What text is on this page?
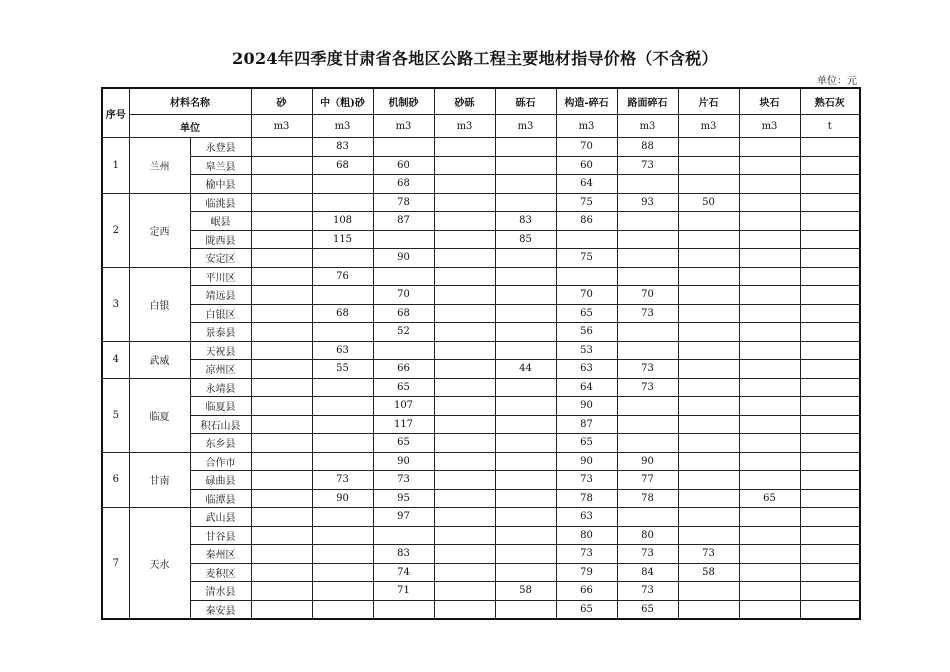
2024年四季度甘肃省各地区公路工程主要地材指导价格（不含税）
单位：元
序号	材料名称		砂	中（粗)砂	机制砂	砂砾	砾石	构造-碎石	路面碎石	片石	块石	熟石灰
	单位		m3	m3	m3	m3	m3	m3	m3	m3	m3	t
1	兰州	永登县		83				70	88			
		皋兰县		68	60			60	73			
		榆中县			68			64				
2	定西	临洮县			78			75	93	50		
		岷县		108	87		83	86				
		陇西县		115			85					
		安定区			90			75				
3	白银	平川区		76								
		靖远县			70			70	70			
		白银区		68	68			65	73			
		景泰县			52			56				
4	武威	天祝县		63				53				
		凉州区		55	66		44	63	73			
5	临夏	永靖县			65			64	73			
		临夏县			107			90				
		积石山县			117			87				
		东乡县			65			65				
6	甘南	合作市			90			90	90			
		碌曲县		73	73			73	77			
		临潭县		90	95			78	78		65	
7	天水	武山县			97			63				
		甘谷县						80	80			
		秦州区			83			73	73	73		
		麦积区			74			79	84	58		
		清水县			71		58	66	73			
		秦安县						65	65			
